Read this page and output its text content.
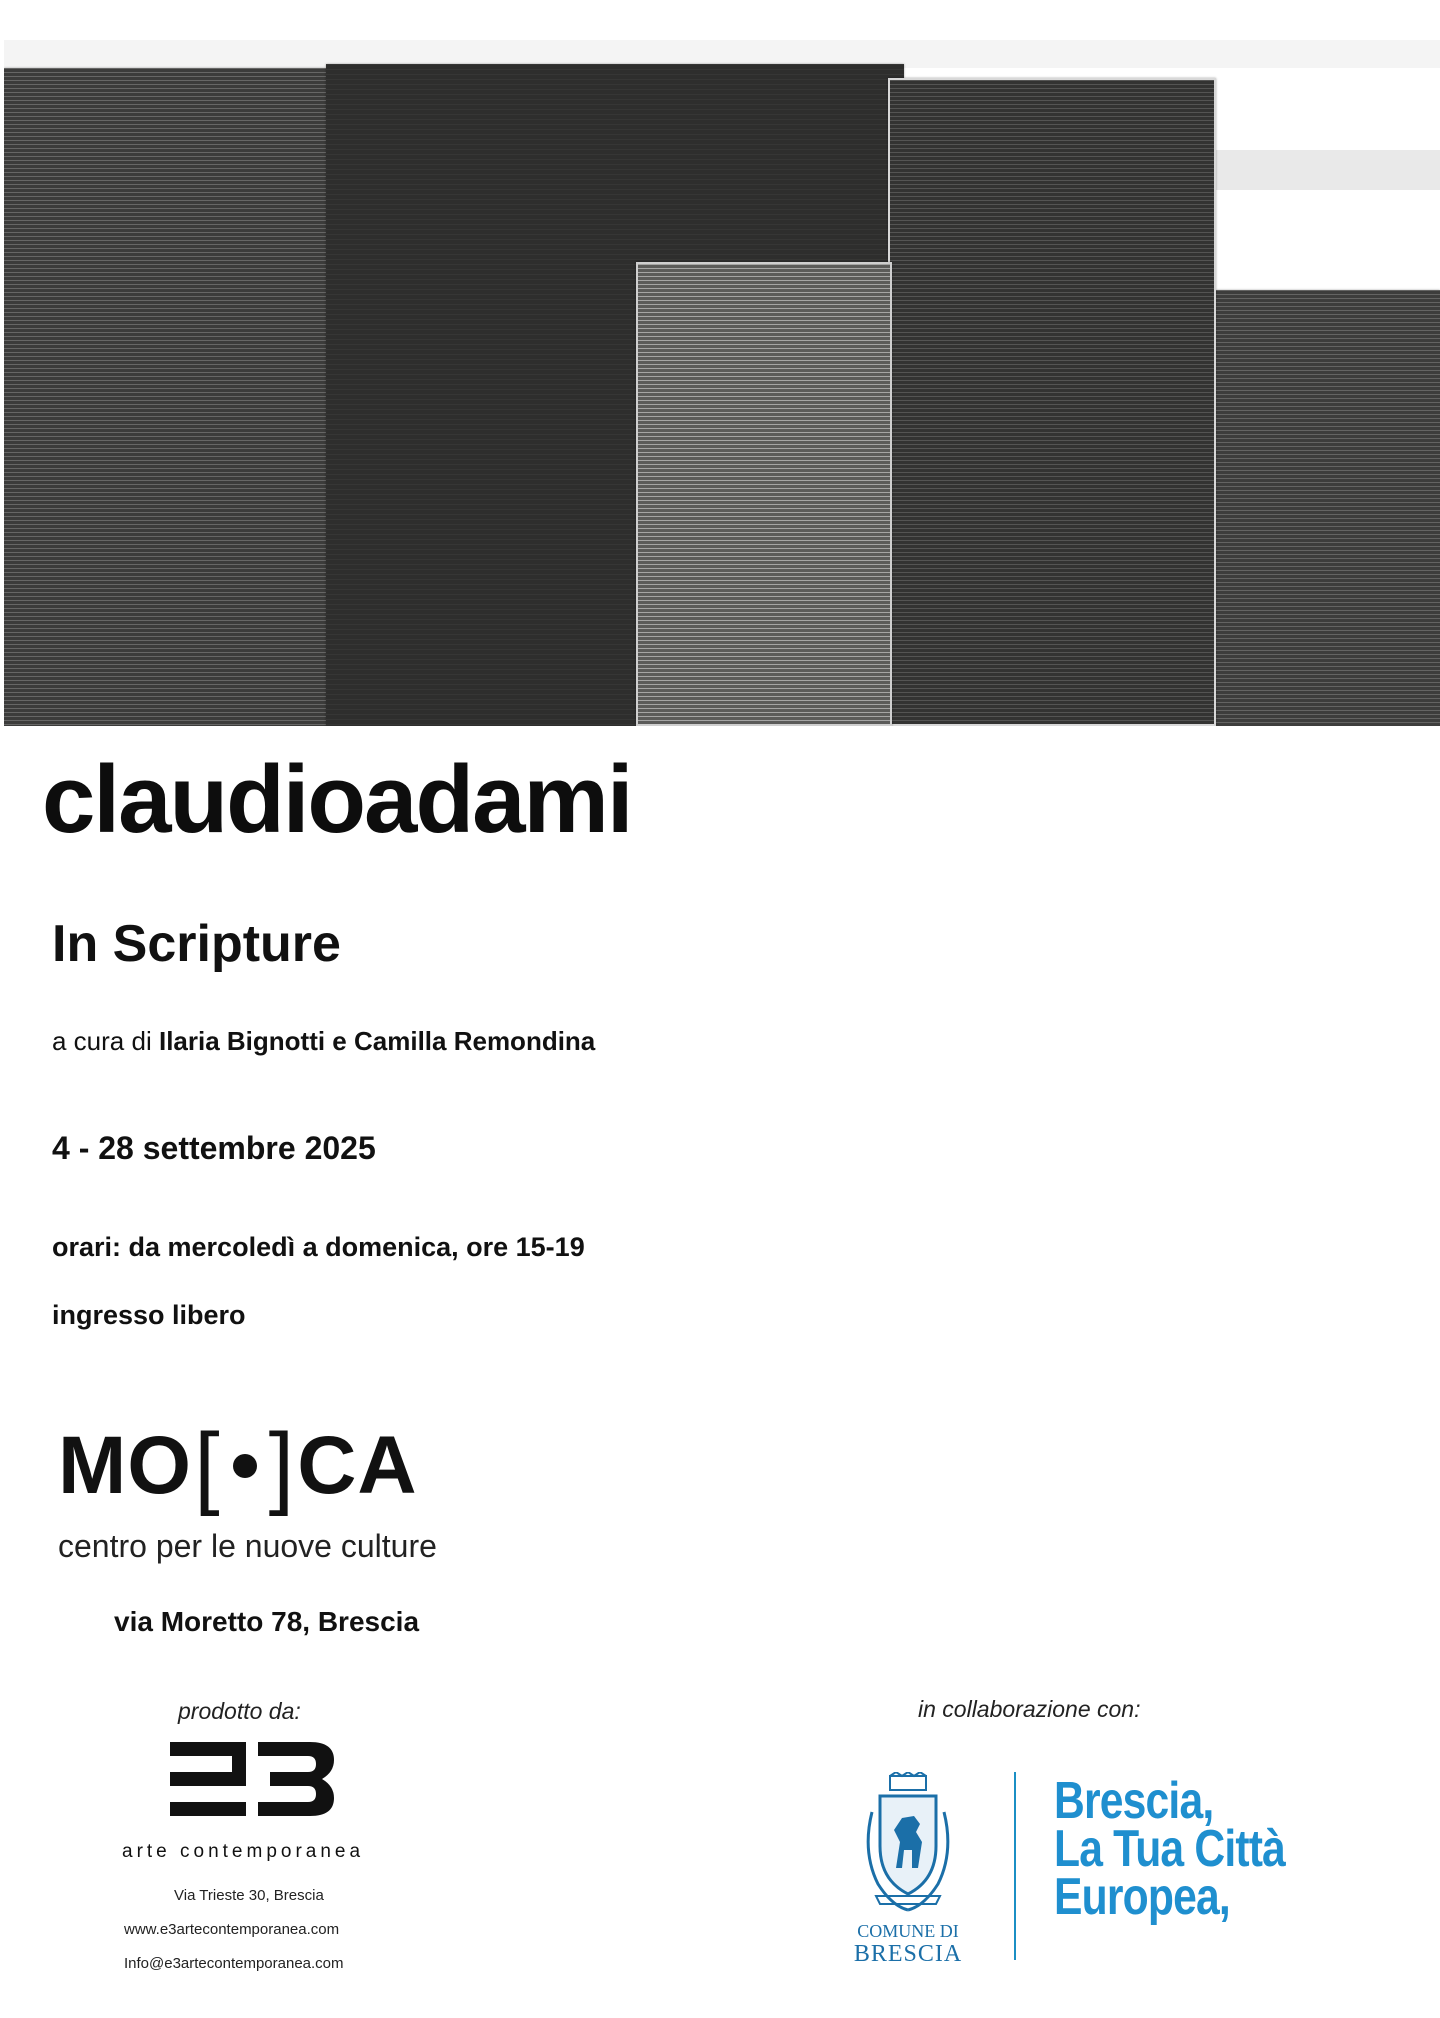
claudioadami
In Scripture
a cura di Ilaria Bignotti e Camilla Remondina
4 - 28 settembre 2025
orari: da mercoledì a domenica, ore 15-19
ingresso libero
MO [ ] CA
centro per le nuove culture
via Moretto 78, Brescia
prodotto da:
arte contemporanea
Via Trieste 30, Brescia
www.e3artecontemporanea.com
Info@e3artecontemporanea.com
in collaborazione con:
COMUNE DI
BRESCIA
Brescia,
La Tua Città
Europea,
